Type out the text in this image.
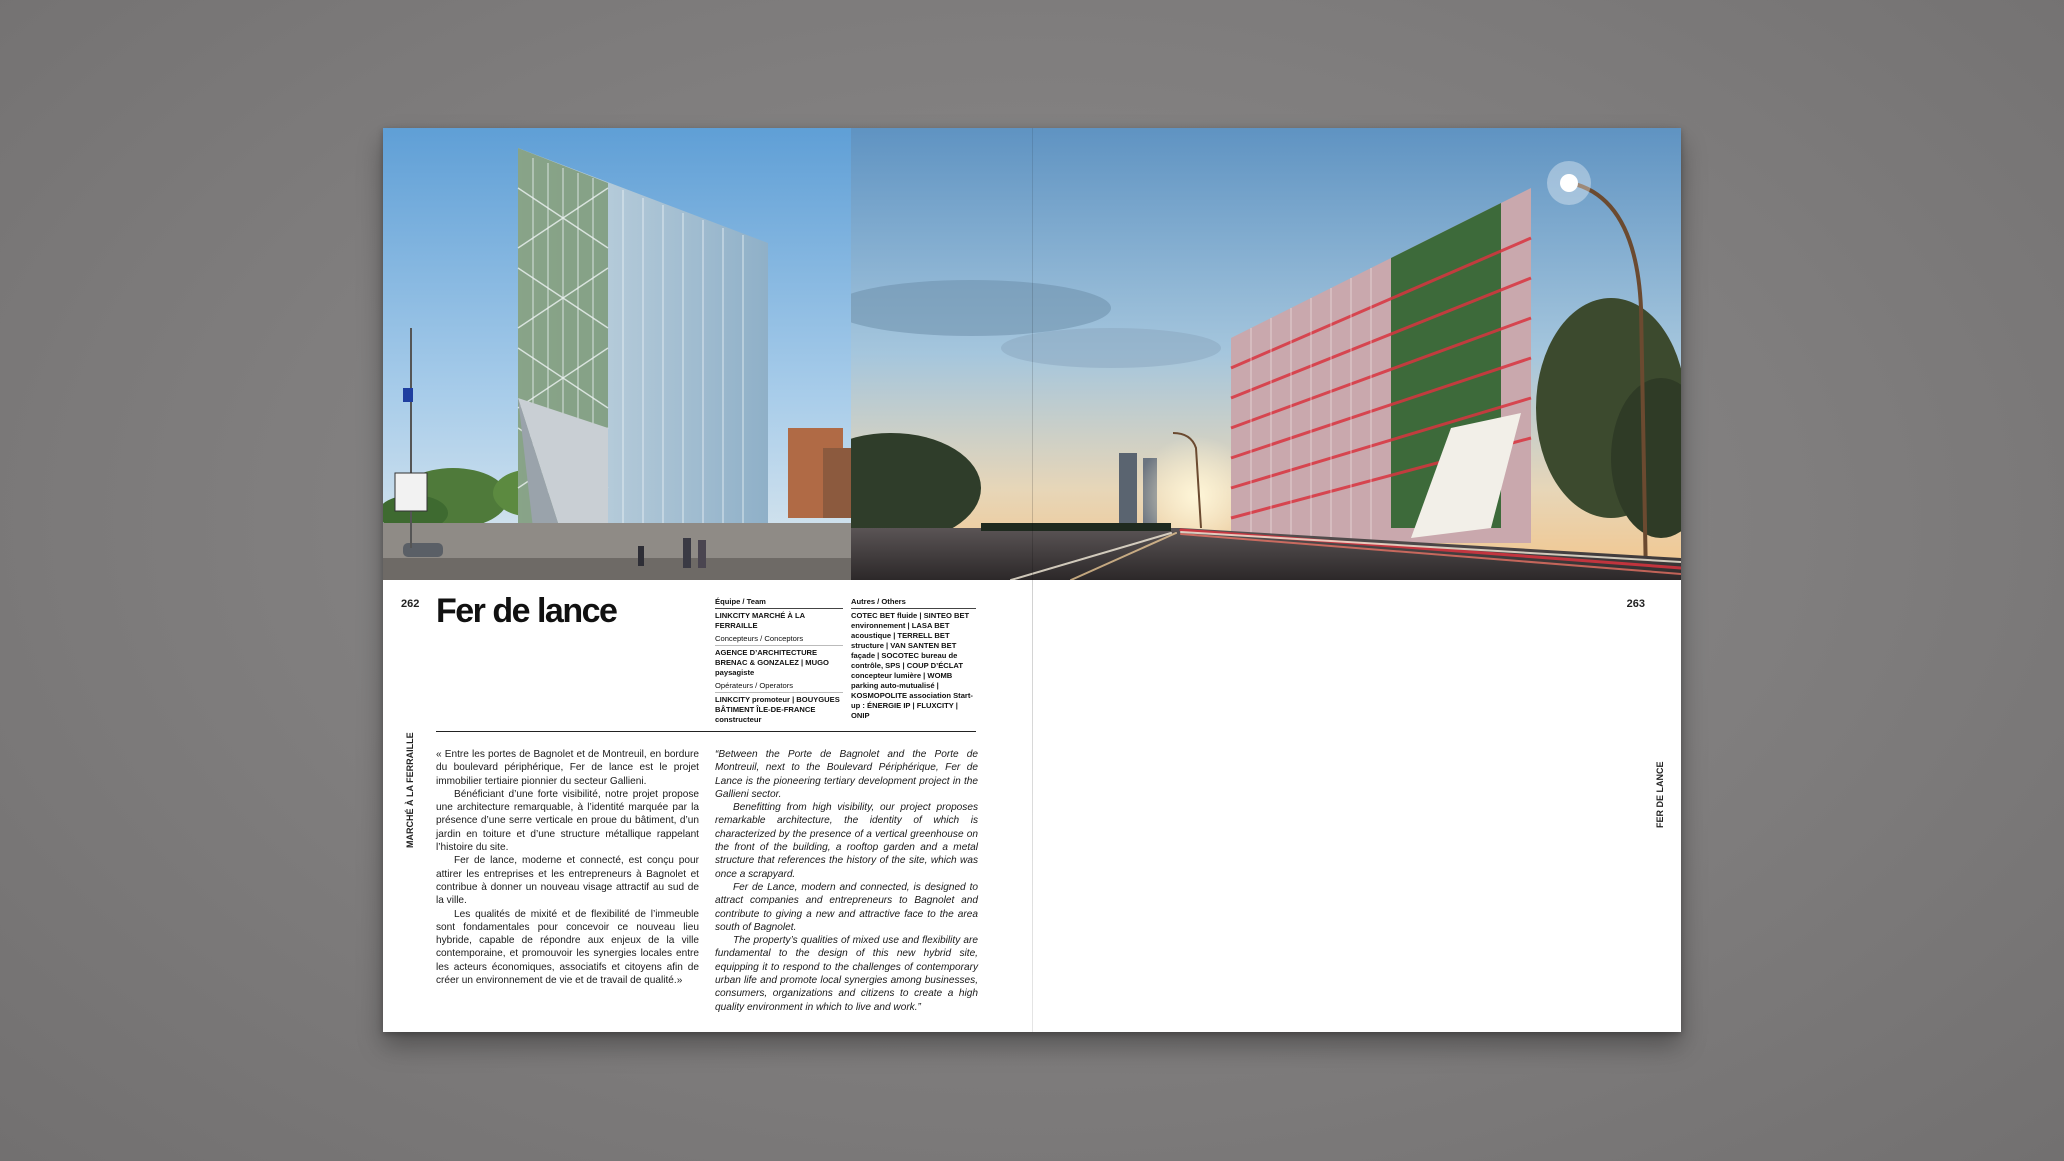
262	263
Fer de lance	Équipe / Team
LINKCITY MARCHÉ À LA FERRAILLE
Concepteurs / Conceptors
AGENCE D’ARCHITECTURE BRENAC & GONZALEZ | MUGO paysagiste
Opérateurs / Operators
LINKCITY promoteur | BOUYGUES BÂTIMENT ÎLE-DE-FRANCE constructeur
Autres / Others
COTEC BET fluide | SINTEO BET environnement | LASA BET acoustique | TERRELL BET structure | VAN SANTEN BET façade | SOCOTEC bureau de contrôle, SPS | COUP D’ÉCLAT concepteur lumière | WOMB parking auto-mutualisé | KOSMOPOLITE association Start-up : ÉNERGIE IP | FLUXCITY | ONIP

« Entre les portes de Bagnolet et de Montreuil, en bordure du boulevard périphérique, Fer de lance est le projet immobilier tertiaire pionnier du secteur Gallieni.

Bénéficiant d’une forte visibilité, notre projet propose une architecture remarquable, à l’identité marquée par la présence d’une serre verticale en proue du bâtiment, d’un jardin en toiture et d’une structure métallique rappelant l’histoire du site.

Fer de lance, moderne et connecté, est conçu pour attirer les entreprises et les entrepreneurs à Bagnolet et contribue à donner un nouveau visage attractif au sud de la ville.

Les qualités de mixité et de flexibilité de l’immeuble sont fondamentales pour concevoir ce nouveau lieu hybride, capable de répondre aux enjeux de la ville contemporaine, et promouvoir les synergies locales entre les acteurs économiques, associatifs et citoyens afin de créer un environnement de vie et de travail de qualité.»

“Between the Porte de Bagnolet and the Porte de Montreuil, next to the Boulevard Périphérique, Fer de Lance is the pioneering tertiary development project in the Gallieni sector.

Benefitting from high visibility, our project proposes remarkable architecture, the identity of which is characterized by the presence of a vertical greenhouse on the front of the building, a rooftop garden and a metal structure that references the history of the site, which was once a scrapyard.

Fer de Lance, modern and connected, is designed to attract companies and entrepreneurs to Bagnolet and contribute to giving a new and attractive face to the area south of Bagnolet.

The property’s qualities of mixed use and flexibility are fundamental to the design of this new hybrid site, equipping it to respond to the challenges of contemporary urban life and promote local synergies among businesses, consumers, organizations and citizens to create a high quality environment in which to live and work.”

MARCHÉ À LA FERRAILLE	FER DE LANCE
